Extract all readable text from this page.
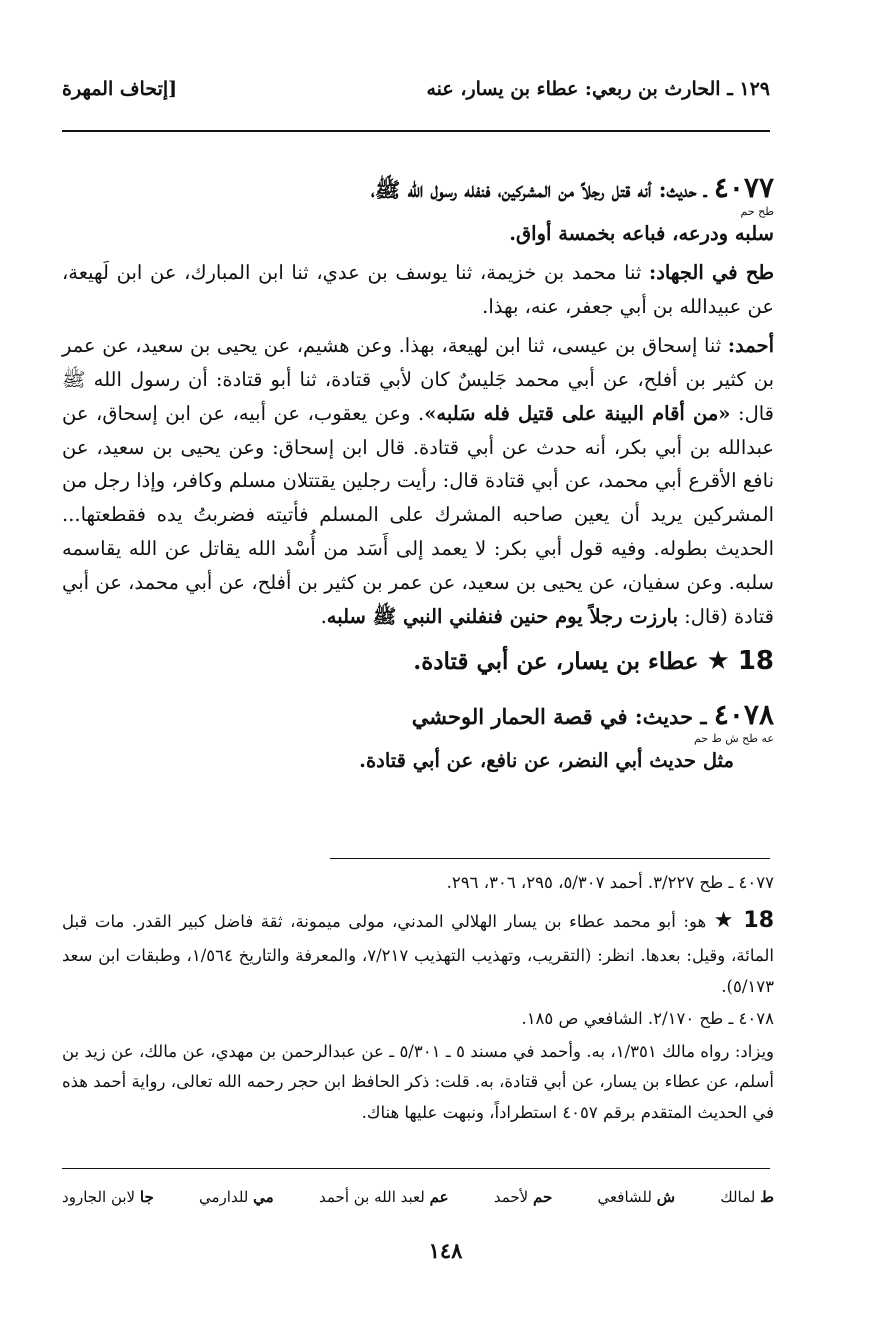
١٢٩ ـ الحارث بن ربعي: عطاء بن يسار، عنه
[إتحاف المهرة
٤٠٧٧ ـ حديث: أنه قتل رجلاً من المشركين، فنفله رسول الله ﷺ،
طح حم

سلبه ودرعه، فباعه بخمسة أواق.

طح في الجهاد: ثنا محمد بن خزيمة، ثنا يوسف بن عدي، ثنا ابن المبارك، عن ابن لَهيعة، عن عبيدالله بن أبي جعفر، عنه، بهذا.

أحمد: ثنا إسحاق بن عيسى، ثنا ابن لهيعة، بهذا. وعن هشيم، عن يحيى بن سعيد، عن عمر بن كثير بن أفلح، عن أبي محمد جَليسٌ كان لأبي قتادة، ثنا أبو قتادة: أن رسول الله ﷺ قال: «من أقام البينة على قتيل فله سَلبه». وعن يعقوب، عن أبيه، عن ابن إسحاق، عن عبدالله بن أبي بكر، أنه حدث عن أبي قتادة. قال ابن إسحاق: وعن يحيى بن سعيد، عن نافع الأقرع أبي محمد، عن أبي قتادة قال: رأيت رجلين يقتتلان مسلم وكافر، وإذا رجل من المشركين يريد أن يعين صاحبه المشرك على المسلم فأتيته فضربتُ يده فقطعتها... الحديث بطوله. وفيه قول أبي بكر: لا يعمد إلى أَسَد من أُسْد الله يقاتل عن الله يقاسمه سلبه. وعن سفيان، عن يحيى بن سعيد، عن عمر بن كثير بن أفلح، عن أبي محمد، عن أبي قتادة (قال: بارزت رجلاً يوم حنين فنفلني النبي ﷺ سلبه.

18 ★ عطاء بن يسار، عن أبي قتادة.
٤٠٧٨ ـ حديث: في قصة الحمار الوحشي
عه طح ش ط حم

مثل حديث أبي النضر، عن نافع، عن أبي قتادة.

٤٠٧٧ ـ طح ٣/٢٢٧. أحمد ٥/٣٠٧، ٢٩٥، ٣٠٦، ٢٩٦.

18 ★ هو: أبو محمد عطاء بن يسار الهلالي المدني، مولى ميمونة، ثقة فاضل كبير القدر. مات قبل المائة، وقيل: بعدها. انظر: (التقريب، وتهذيب التهذيب ٧/٢١٧، والمعرفة والتاريخ ١/٥٦٤، وطبقات ابن سعد ٥/١٧٣).

٤٠٧٨ ـ طح ٢/١٧٠. الشافعي ص ١٨٥.

ويزاد: رواه مالك ١/٣٥١، به. وأحمد في مسند ٥ ـ ٥/٣٠١ ـ عن عبدالرحمن بن مهدي، عن مالك، عن زيد بن أسلم، عن عطاء بن يسار، عن أبي قتادة، به. قلت: ذكر الحافظ ابن حجر رحمه الله تعالى، رواية أحمد هذه في الحديث المتقدم برقم ٤٠٥٧ استطراداً، ونبهت عليها هناك.

ط لمالك
ش للشافعي
حم لأحمد
عم لعبد الله بن أحمد
مي للدارمي
جا لابن الجارود
١٤٨
